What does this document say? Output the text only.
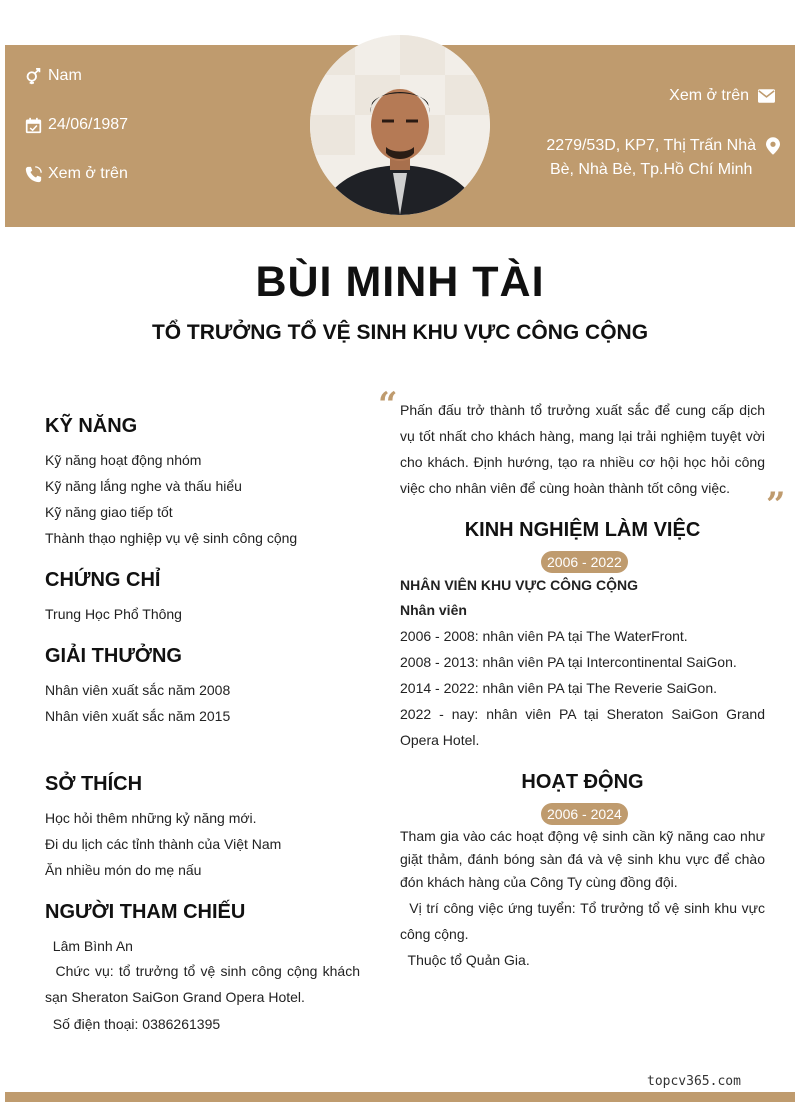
Nam
24/06/1987
Xem ở trên
Xem ở trên
2279/53D, KP7, Thị Trấn Nhà
Bè, Nhà Bè, Tp.Hồ Chí Minh
BÙI MINH TÀI
TỔ TRƯỞNG TỔ VỆ SINH KHU VỰC CÔNG CỘNG
KỸ NĂNG
Kỹ năng hoạt động nhóm
Kỹ năng lắng nghe và thấu hiểu
Kỹ năng giao tiếp tốt
Thành thạo nghiệp vụ vệ sinh công cộng
CHỨNG CHỈ
Trung Học Phổ Thông
GIẢI THƯỞNG
Nhân viên xuất sắc năm 2008
Nhân viên xuất sắc năm 2015
SỞ THÍCH
Học hỏi thêm những kỷ năng mới.
Đi du lịch các tỉnh thành của Việt Nam
Ăn nhiều món do mẹ nấu
NGƯỜI THAM CHIẾU
Lâm Bình An
Chức vụ: tổ trưởng tổ vệ sinh công cộng khách sạn Sheraton SaiGon Grand Opera Hotel.
Số điện thoại: 0386261395
“ Phấn đấu trở thành tổ trưởng xuất sắc để cung cấp dịch vụ tốt nhất cho khách hàng, mang lại trải nghiệm tuyệt vời cho khách. Định hướng, tạo ra nhiều cơ hội học hỏi công việc cho nhân viên để cùng hoàn thành tốt công việc.	”
KINH NGHIỆM LÀM VIỆC
2006 - 2022
NHÂN VIÊN KHU VỰC CÔNG CỘNG
Nhân viên
2006 - 2008: nhân viên PA tại The WaterFront.
2008 - 2013: nhân viên PA tại Intercontinental SaiGon.
2014 - 2022: nhân viên PA tại The Reverie SaiGon.
2022 - nay: nhân viên PA tại Sheraton SaiGon Grand Opera Hotel.
HOẠT ĐỘNG
2006 - 2024
Tham gia vào các hoạt động vệ sinh cần kỹ năng cao như giặt thảm, đánh bóng sàn đá và vệ sinh khu vực để chào đón khách hàng của Công Ty cùng đồng đội.
Vị trí công việc ứng tuyển: Tổ trưởng tổ vệ sinh khu vực công cộng.
Thuộc tổ Quản Gia.
topcv365.com
